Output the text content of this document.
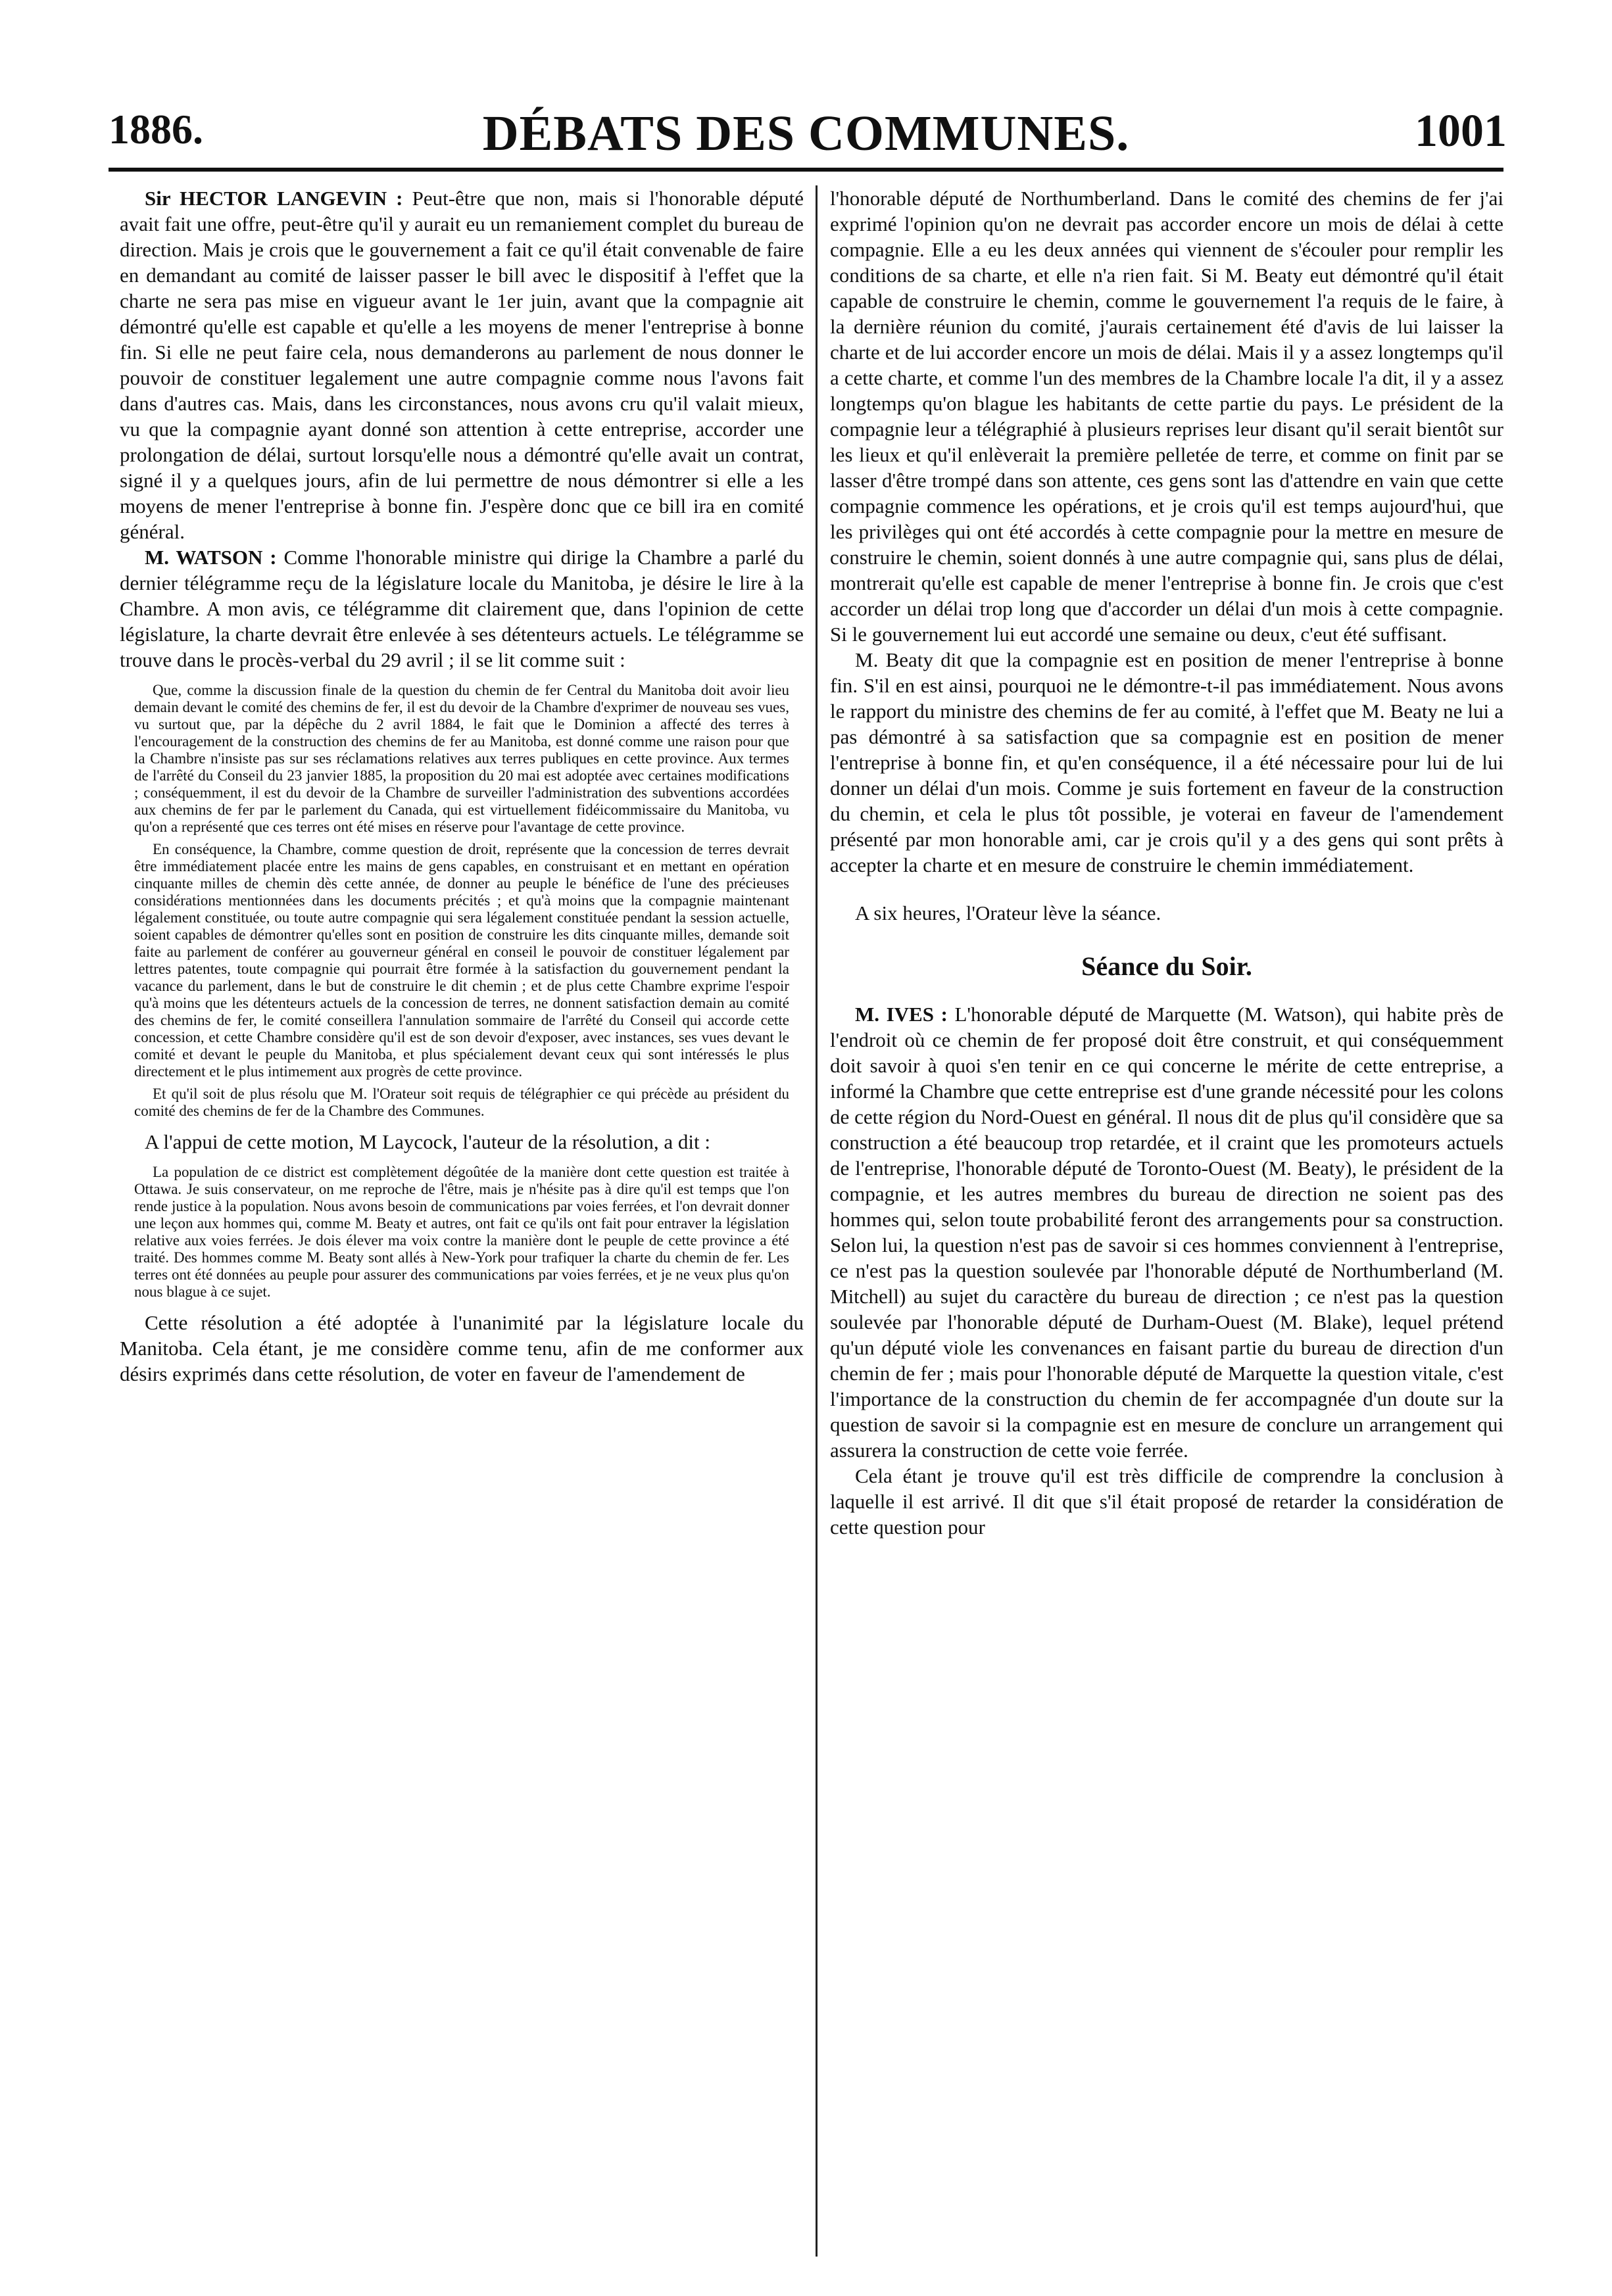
1886.	DÉBATS DES COMMUNES.	1001

Sir HECTOR LANGEVIN : Peut-être que non, mais si l'honorable député avait fait une offre, peut-être qu'il y aurait eu un remaniement complet du bureau de direction. Mais je crois que le gouvernement a fait ce qu'il était convenable de faire en demandant au comité de laisser passer le bill avec le dispositif à l'effet que la charte ne sera pas mise en vigueur avant le 1er juin, avant que la compagnie ait démontré qu'elle est capable et qu'elle a les moyens de mener l'entreprise à bonne fin. Si elle ne peut faire cela, nous demanderons au parlement de nous donner le pouvoir de constituer legalement une autre compagnie comme nous l'avons fait dans d'autres cas. Mais, dans les circonstances, nous avons cru qu'il valait mieux, vu que la compagnie ayant donné son attention à cette entreprise, accorder une prolongation de délai, surtout lorsqu'elle nous a démontré qu'elle avait un contrat, signé il y a quelques jours, afin de lui permettre de nous démontrer si elle a les moyens de mener l'entreprise à bonne fin. J'espère donc que ce bill ira en comité général.

M. WATSON : Comme l'honorable ministre qui dirige la Chambre a parlé du dernier télégramme reçu de la législature locale du Manitoba, je désire le lire à la Chambre. A mon avis, ce télégramme dit clairement que, dans l'opinion de cette législature, la charte devrait être enlevée à ses détenteurs actuels. Le télégramme se trouve dans le procès-verbal du 29 avril ; il se lit comme suit :

Que, comme la discussion finale de la question du chemin de fer Central du Manitoba doit avoir lieu demain devant le comité des chemins de fer, il est du devoir de la Chambre d'exprimer de nouveau ses vues, vu surtout que, par la dépêche du 2 avril 1884, le fait que le Dominion a affecté des terres à l'encouragement de la construction des chemins de fer au Manitoba, est donné comme une raison pour que la Chambre n'insiste pas sur ses réclamations relatives aux terres publiques en cette province. Aux termes de l'arrêté du Conseil du 23 janvier 1885, la proposition du 20 mai est adoptée avec certaines modifications ; conséquemment, il est du devoir de la Chambre de surveiller l'administration des subventions accordées aux chemins de fer par le parlement du Canada, qui est virtuellement fidéicommissaire du Manitoba, vu qu'on a représenté que ces terres ont été mises en réserve pour l'avantage de cette province.

En conséquence, la Chambre, comme question de droit, représente que la concession de terres devrait être immédiatement placée entre les mains de gens capables, en construisant et en mettant en opération cinquante milles de chemin dès cette année, de donner au peuple le bénéfice de l'une des précieuses considérations mentionnées dans les documents précités ; et qu'à moins que la compagnie maintenant légalement constituée, ou toute autre compagnie qui sera légalement constituée pendant la session actuelle, soient capables de démontrer qu'elles sont en position de construire les dits cinquante milles, demande soit faite au parlement de conférer au gouverneur général en conseil le pouvoir de constituer légalement par lettres patentes, toute compagnie qui pourrait être formée à la satisfaction du gouvernement pendant la vacance du parlement, dans le but de construire le dit chemin ; et de plus cette Chambre exprime l'espoir qu'à moins que les détenteurs actuels de la concession de terres, ne donnent satisfaction demain au comité des chemins de fer, le comité conseillera l'annulation sommaire de l'arrêté du Conseil qui accorde cette concession, et cette Chambre considère qu'il est de son devoir d'exposer, avec instances, ses vues devant le comité et devant le peuple du Manitoba, et plus spécialement devant ceux qui sont intéressés le plus directement et le plus intimement aux progrès de cette province.

Et qu'il soit de plus résolu que M. l'Orateur soit requis de télégraphier ce qui précède au président du comité des chemins de fer de la Chambre des Communes.

A l'appui de cette motion, M Laycock, l'auteur de la résolution, a dit :

La population de ce district est complètement dégoûtée de la manière dont cette question est traitée à Ottawa. Je suis conservateur, on me reproche de l'être, mais je n'hésite pas à dire qu'il est temps que l'on rende justice à la population. Nous avons besoin de communications par voies ferrées, et l'on devrait donner une leçon aux hommes qui, comme M. Beaty et autres, ont fait ce qu'ils ont fait pour entraver la législation relative aux voies ferrées. Je dois élever ma voix contre la manière dont le peuple de cette province a été traité. Des hommes comme M. Beaty sont allés à New-York pour trafiquer la charte du chemin de fer. Les terres ont été données au peuple pour assurer des communications par voies ferrées, et je ne veux plus qu'on nous blague à ce sujet.

Cette résolution a été adoptée à l'unanimité par la législature locale du Manitoba. Cela étant, je me considère comme tenu, afin de me conformer aux désirs exprimés dans cette résolution, de voter en faveur de l'amendement de

l'honorable député de Northumberland. Dans le comité des chemins de fer j'ai exprimé l'opinion qu'on ne devrait pas accorder encore un mois de délai à cette compagnie. Elle a eu les deux années qui viennent de s'écouler pour remplir les conditions de sa charte, et elle n'a rien fait. Si M. Beaty eut démontré qu'il était capable de construire le chemin, comme le gouvernement l'a requis de le faire, à la dernière réunion du comité, j'aurais certainement été d'avis de lui laisser la charte et de lui accorder encore un mois de délai. Mais il y a assez longtemps qu'il a cette charte, et comme l'un des membres de la Chambre locale l'a dit, il y a assez longtemps qu'on blague les habitants de cette partie du pays. Le président de la compagnie leur a télégraphié à plusieurs reprises leur disant qu'il serait bientôt sur les lieux et qu'il enlèverait la première pelletée de terre, et comme on finit par se lasser d'être trompé dans son attente, ces gens sont las d'attendre en vain que cette compagnie commence les opérations, et je crois qu'il est temps aujourd'hui, que les privilèges qui ont été accordés à cette compagnie pour la mettre en mesure de construire le chemin, soient donnés à une autre compagnie qui, sans plus de délai, montrerait qu'elle est capable de mener l'entreprise à bonne fin. Je crois que c'est accorder un délai trop long que d'accorder un délai d'un mois à cette compagnie. Si le gouvernement lui eut accordé une semaine ou deux, c'eut été suffisant.

M. Beaty dit que la compagnie est en position de mener l'entreprise à bonne fin. S'il en est ainsi, pourquoi ne le démontre-t-il pas immédiatement. Nous avons le rapport du ministre des chemins de fer au comité, à l'effet que M. Beaty ne lui a pas démontré à sa satisfaction que sa compagnie est en position de mener l'entreprise à bonne fin, et qu'en conséquence, il a été nécessaire pour lui de lui donner un délai d'un mois. Comme je suis fortement en faveur de la construction du chemin, et cela le plus tôt possible, je voterai en faveur de l'amendement présenté par mon honorable ami, car je crois qu'il y a des gens qui sont prêts à accepter la charte et en mesure de construire le chemin immédiatement.

A six heures, l'Orateur lève la séance.

Séance du Soir.

M. IVES : L'honorable député de Marquette (M. Watson), qui habite près de l'endroit où ce chemin de fer proposé doit être construit, et qui conséquemment doit savoir à quoi s'en tenir en ce qui concerne le mérite de cette entreprise, a informé la Chambre que cette entreprise est d'une grande nécessité pour les colons de cette région du Nord-Ouest en général. Il nous dit de plus qu'il considère que sa construction a été beaucoup trop retardée, et il craint que les promoteurs actuels de l'entreprise, l'honorable député de Toronto-Ouest (M. Beaty), le président de la compagnie, et les autres membres du bureau de direction ne soient pas des hommes qui, selon toute probabilité feront des arrangements pour sa construction. Selon lui, la question n'est pas de savoir si ces hommes conviennent à l'entreprise, ce n'est pas la question soulevée par l'honorable député de Northumberland (M. Mitchell) au sujet du caractère du bureau de direction ; ce n'est pas la question soulevée par l'honorable député de Durham-Ouest (M. Blake), lequel prétend qu'un député viole les convenances en faisant partie du bureau de direction d'un chemin de fer ; mais pour l'honorable député de Marquette la question vitale, c'est l'importance de la construction du chemin de fer accompagnée d'un doute sur la question de savoir si la compagnie est en mesure de conclure un arrangement qui assurera la construction de cette voie ferrée.

Cela étant je trouve qu'il est très difficile de comprendre la conclusion à laquelle il est arrivé. Il dit que s'il était proposé de retarder la considération de cette question pour
